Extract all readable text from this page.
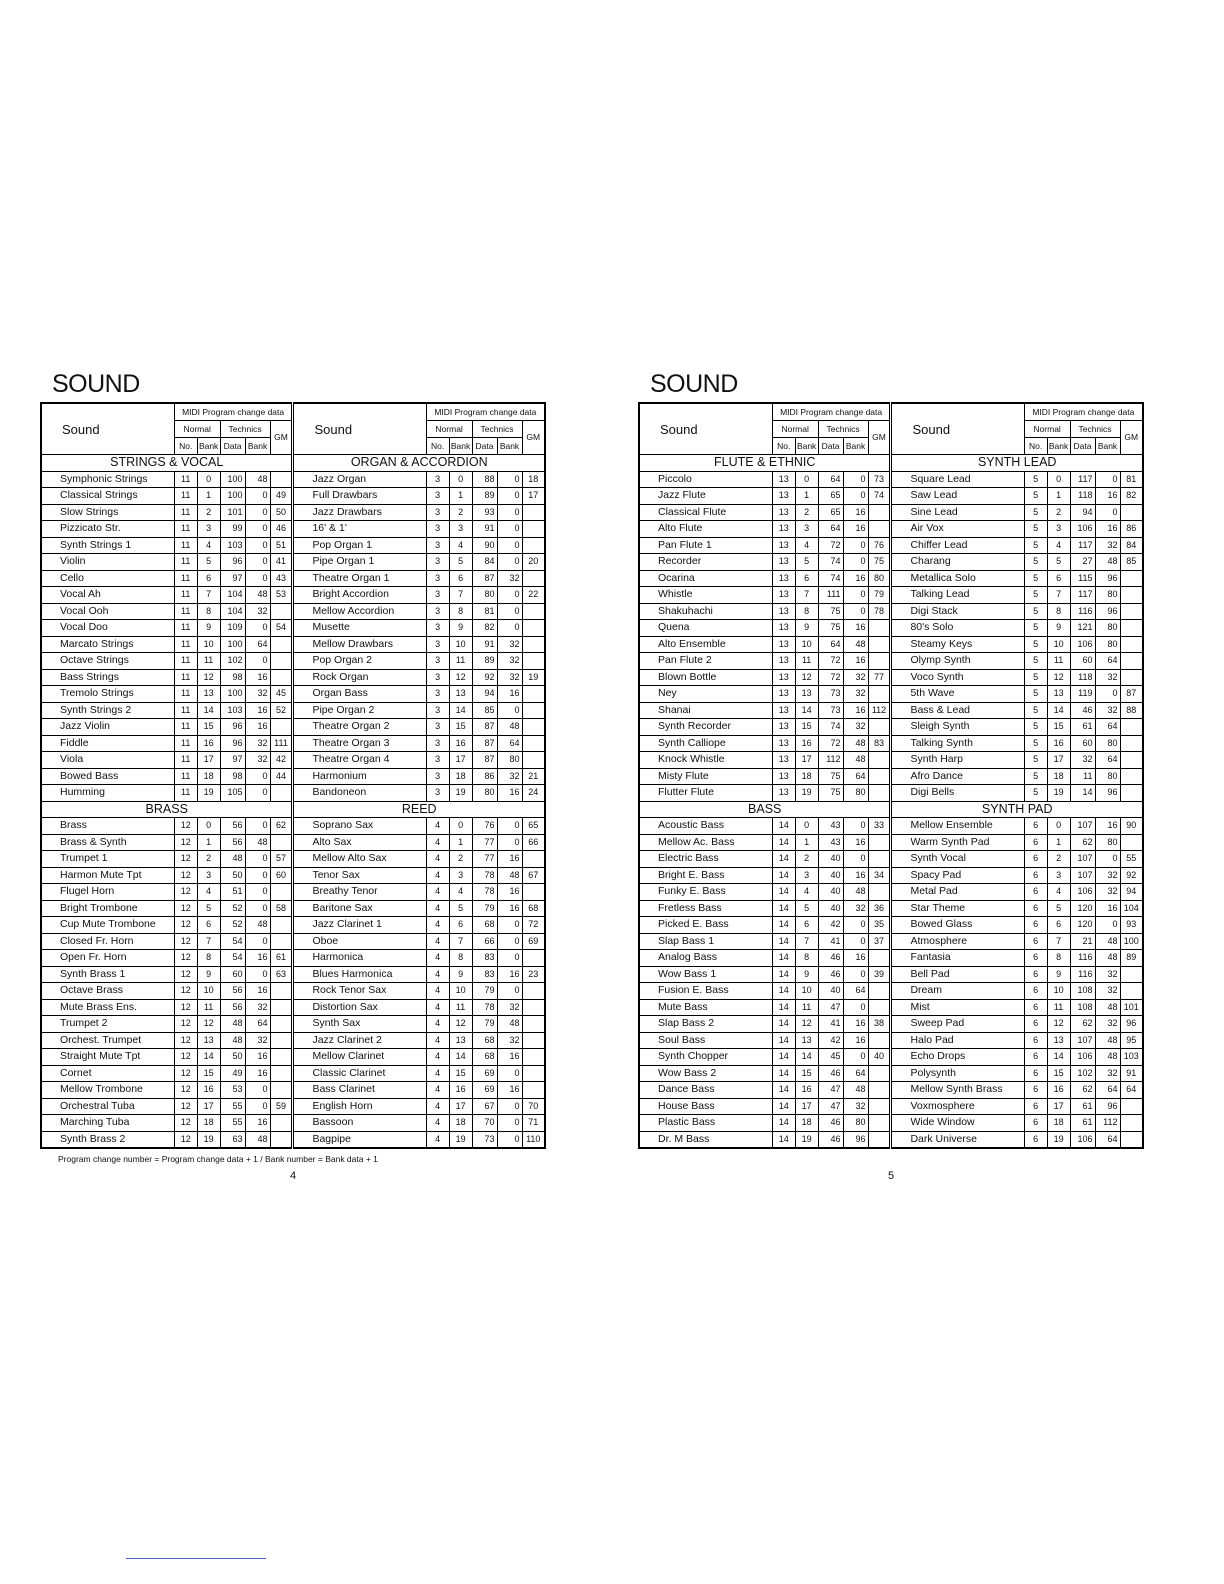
SOUND
Sound	MIDI Program change data					Sound	MIDI Program change data				
	Normal		Technics		GM		Normal		Technics		GM
	No.	Bank	Data	Bank			No.	Bank	Data	Bank	
STRINGS & VOCAL						ORGAN & ACCORDION					
Symphonic Strings	11	0	100	48		Jazz Organ	3	0	88	0	18
Classical Strings	11	1	100	0	49	Full Drawbars	3	1	89	0	17
Slow Strings	11	2	101	0	50	Jazz Drawbars	3	2	93	0	
Pizzicato Str.	11	3	99	0	46	16' & 1'	3	3	91	0	
Synth Strings 1	11	4	103	0	51	Pop Organ 1	3	4	90	0	
Violin	11	5	96	0	41	Pipe Organ 1	3	5	84	0	20
Cello	11	6	97	0	43	Theatre Organ 1	3	6	87	32	
Vocal Ah	11	7	104	48	53	Bright Accordion	3	7	80	0	22
Vocal Ooh	11	8	104	32		Mellow Accordion	3	8	81	0	
Vocal Doo	11	9	109	0	54	Musette	3	9	82	0	
Marcato Strings	11	10	100	64		Mellow Drawbars	3	10	91	32	
Octave Strings	11	11	102	0		Pop Organ 2	3	11	89	32	
Bass Strings	11	12	98	16		Rock Organ	3	12	92	32	19
Tremolo Strings	11	13	100	32	45	Organ Bass	3	13	94	16	
Synth Strings 2	11	14	103	16	52	Pipe Organ 2	3	14	85	0	
Jazz Violin	11	15	96	16		Theatre Organ 2	3	15	87	48	
Fiddle	11	16	96	32	111	Theatre Organ 3	3	16	87	64	
Viola	11	17	97	32	42	Theatre Organ 4	3	17	87	80	
Bowed Bass	11	18	98	0	44	Harmonium	3	18	86	32	21
Humming	11	19	105	0		Bandoneon	3	19	80	16	24
BRASS						REED					
Brass	12	0	56	0	62	Soprano Sax	4	0	76	0	65
Brass & Synth	12	1	56	48		Alto Sax	4	1	77	0	66
Trumpet 1	12	2	48	0	57	Mellow Alto Sax	4	2	77	16	
Harmon Mute Tpt	12	3	50	0	60	Tenor Sax	4	3	78	48	67
Flugel Horn	12	4	51	0		Breathy Tenor	4	4	78	16	
Bright Trombone	12	5	52	0	58	Baritone Sax	4	5	79	16	68
Cup Mute Trombone	12	6	52	48		Jazz Clarinet 1	4	6	68	0	72
Closed Fr. Horn	12	7	54	0		Oboe	4	7	66	0	69
Open Fr. Horn	12	8	54	16	61	Harmonica	4	8	83	0	
Synth Brass 1	12	9	60	0	63	Blues Harmonica	4	9	83	16	23
Octave Brass	12	10	56	16		Rock Tenor Sax	4	10	79	0	
Mute Brass Ens.	12	11	56	32		Distortion Sax	4	11	78	32	
Trumpet 2	12	12	48	64		Synth Sax	4	12	79	48	
Orchest. Trumpet	12	13	48	32		Jazz Clarinet 2	4	13	68	32	
Straight Mute Tpt	12	14	50	16		Mellow Clarinet	4	14	68	16	
Cornet	12	15	49	16		Classic Clarinet	4	15	69	0	
Mellow Trombone	12	16	53	0		Bass Clarinet	4	16	69	16	
Orchestral Tuba	12	17	55	0	59	English Horn	4	17	67	0	70
Marching Tuba	12	18	55	16		Bassoon	4	18	70	0	71
Synth Brass 2	12	19	63	48		Bagpipe	4	19	73	0	110
Program change number = Program change data + 1 / Bank number = Bank data + 1
4
SOUND
Sound	MIDI Program change data					Sound	MIDI Program change data				
	Normal		Technics		GM		Normal		Technics		GM
	No.	Bank	Data	Bank			No.	Bank	Data	Bank	
FLUTE & ETHNIC						SYNTH LEAD					
Piccolo	13	0	64	0	73	Square Lead	5	0	117	0	81
Jazz Flute	13	1	65	0	74	Saw Lead	5	1	118	16	82
Classical Flute	13	2	65	16		Sine Lead	5	2	94	0	
Alto Flute	13	3	64	16		Air Vox	5	3	106	16	86
Pan Flute 1	13	4	72	0	76	Chiffer Lead	5	4	117	32	84
Recorder	13	5	74	0	75	Charang	5	5	27	48	85
Ocarina	13	6	74	16	80	Metallica Solo	5	6	115	96	
Whistle	13	7	111	0	79	Talking Lead	5	7	117	80	
Shakuhachi	13	8	75	0	78	Digi Stack	5	8	116	96	
Quena	13	9	75	16		80's Solo	5	9	121	80	
Alto Ensemble	13	10	64	48		Steamy Keys	5	10	106	80	
Pan Flute 2	13	11	72	16		Olymp Synth	5	11	60	64	
Blown Bottle	13	12	72	32	77	Voco Synth	5	12	118	32	
Ney	13	13	73	32		5th Wave	5	13	119	0	87
Shanai	13	14	73	16	112	Bass & Lead	5	14	46	32	88
Synth Recorder	13	15	74	32		Sleigh Synth	5	15	61	64	
Synth Calliope	13	16	72	48	83	Talking Synth	5	16	60	80	
Knock Whistle	13	17	112	48		Synth Harp	5	17	32	64	
Misty Flute	13	18	75	64		Afro Dance	5	18	11	80	
Flutter Flute	13	19	75	80		Digi Bells	5	19	14	96	
BASS						SYNTH PAD					
Acoustic Bass	14	0	43	0	33	Mellow Ensemble	6	0	107	16	90
Mellow Ac. Bass	14	1	43	16		Warm Synth Pad	6	1	62	80	
Electric Bass	14	2	40	0		Synth Vocal	6	2	107	0	55
Bright E. Bass	14	3	40	16	34	Spacy Pad	6	3	107	32	92
Funky E. Bass	14	4	40	48		Metal Pad	6	4	106	32	94
Fretless Bass	14	5	40	32	36	Star Theme	6	5	120	16	104
Picked E. Bass	14	6	42	0	35	Bowed Glass	6	6	120	0	93
Slap Bass 1	14	7	41	0	37	Atmosphere	6	7	21	48	100
Analog Bass	14	8	46	16		Fantasia	6	8	116	48	89
Wow Bass 1	14	9	46	0	39	Bell Pad	6	9	116	32	
Fusion E. Bass	14	10	40	64		Dream	6	10	108	32	
Mute Bass	14	11	47	0		Mist	6	11	108	48	101
Slap Bass 2	14	12	41	16	38	Sweep Pad	6	12	62	32	96
Soul Bass	14	13	42	16		Halo Pad	6	13	107	48	95
Synth Chopper	14	14	45	0	40	Echo Drops	6	14	106	48	103
Wow Bass 2	14	15	46	64		Polysynth	6	15	102	32	91
Dance Bass	14	16	47	48		Mellow Synth Brass	6	16	62	64	64
House Bass	14	17	47	32		Voxmosphere	6	17	61	96	
Plastic Bass	14	18	46	80		Wide Window	6	18	61	112	
Dr. M Bass	14	19	46	96		Dark Universe	6	19	106	64	
5
